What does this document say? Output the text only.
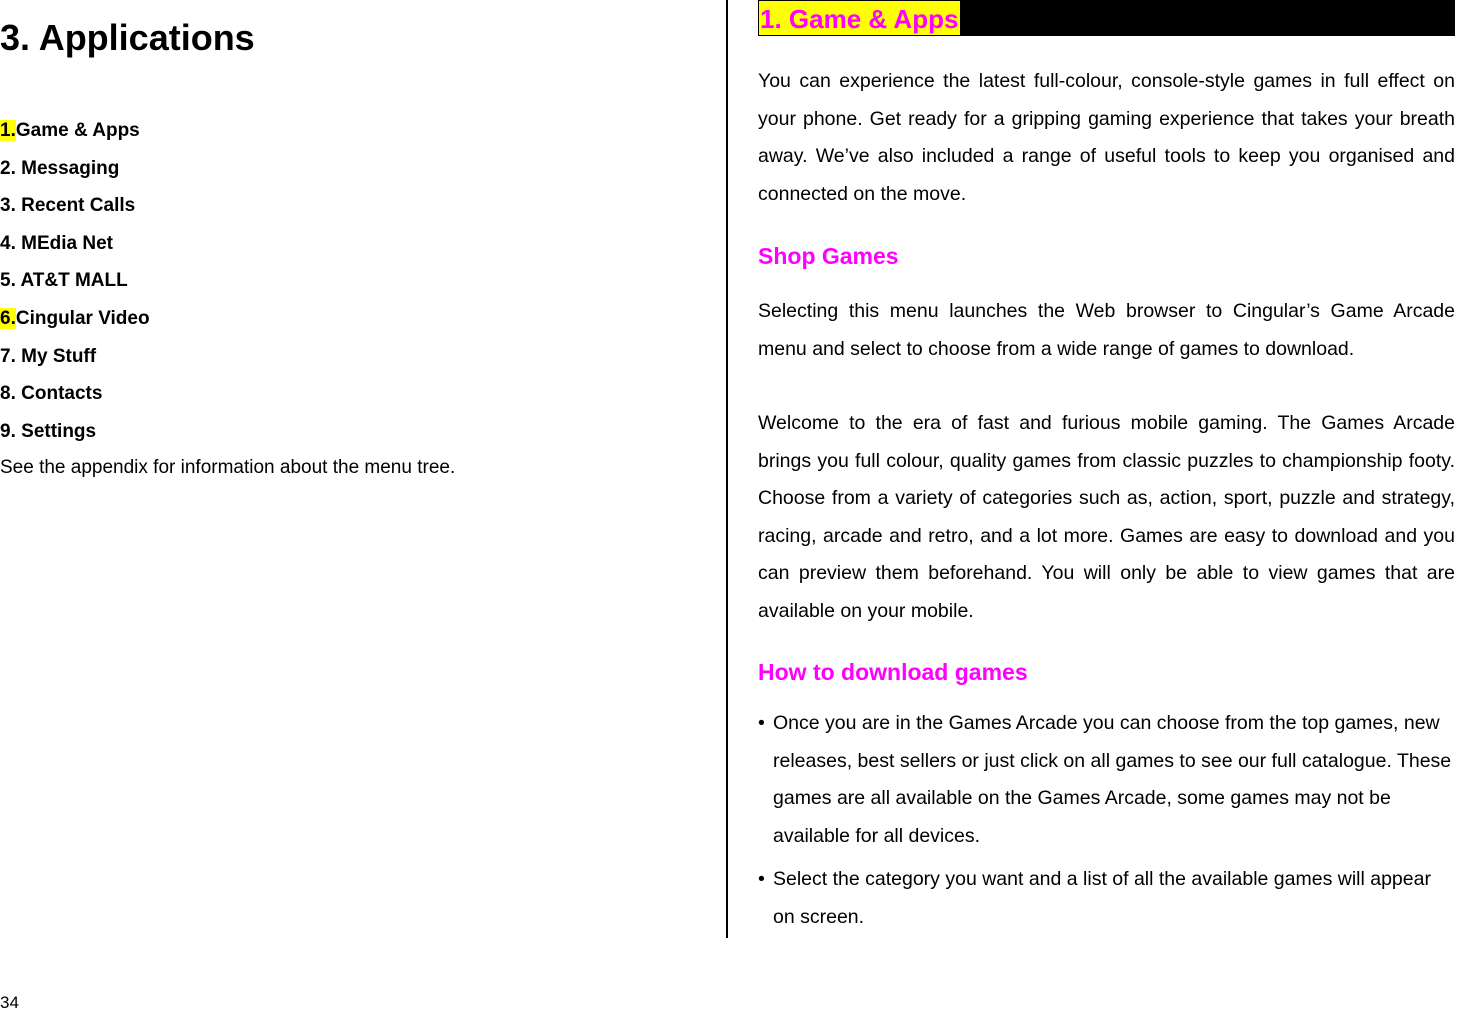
3. Applications
1.Game & Apps
2. Messaging
3. Recent Calls
4. MEdia Net
5. AT&T MALL
6.Cingular Video
7. My Stuff
8. Contacts
9. Settings
See the appendix for information about the menu tree.
34
1. Game & Apps

You can experience the latest full-colour, console-style games in full effect on your phone. Get ready for a gripping gaming experience that takes your breath away. We’ve also included a range of useful tools to keep you organised and connected on the move.

Shop Games

Selecting this menu launches the Web browser to Cingular’s Game Arcade menu and select to choose from a wide range of games to download.

Welcome to the era of fast and furious mobile gaming. The Games Arcade brings you full colour, quality games from classic puzzles to championship footy. Choose from a variety of categories such as, action, sport, puzzle and strategy, racing, arcade and retro, and a lot more. Games are easy to download and you can preview them beforehand. You will only be able to view games that are available on your mobile.

How to download games
• Once you are in the Games Arcade you can choose from the top games, new releases, best sellers or just click on all games to see our full catalogue. These games are all available on the Games Arcade, some games may not be available for all devices.
• Select the category you want and a list of all the available games will appear on screen.
